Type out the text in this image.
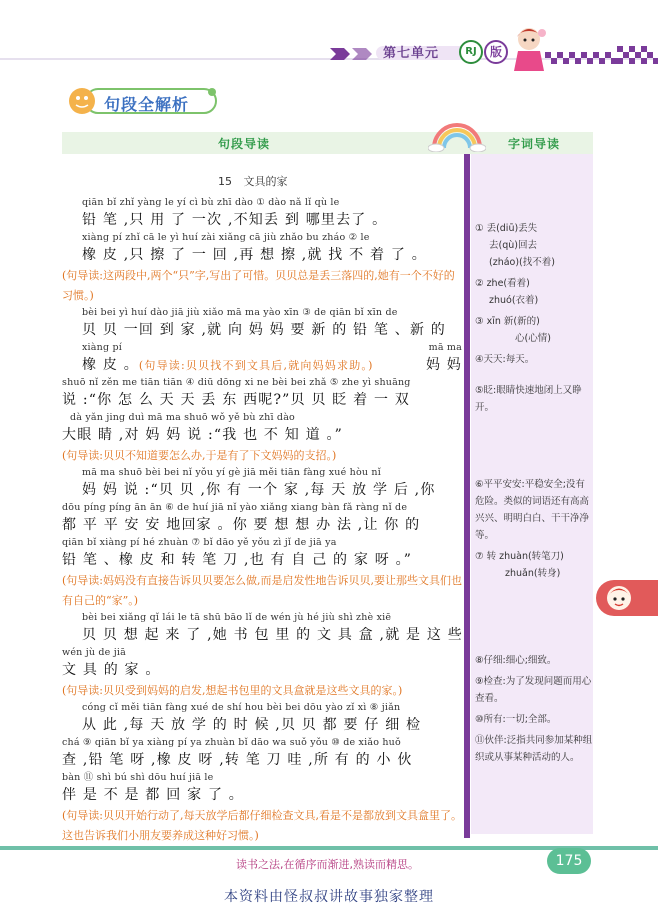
第七单元	RJ	版
句段全解析
句段导读	字词导读
15 文具的家
qiān bǐ zhǐ yàng le yí cì bù zhī dào ① dào nǎ lǐ qù le
铅 笔 ,只 用 了 一次 ,不知丢 到 哪里去了 。
xiàng pí zhǐ cā le yì huí zài xiǎng cā jiù zhǎo bu zháo ② le
橡 皮 ,只 擦 了 一 回 ,再 想 擦 ,就 找 不 着 了 。
(句导读:这两段中,两个“只”字,写出了可惜。贝贝总是丢三落四的,她有一个不好的习惯。)
bèi bei yì huí dào jiā jiù xiǎo mā ma yào xīn ③ de qiān bǐ xīn de
贝 贝 一回 到 家 ,就 向 妈 妈 要 新 的 铅 笔 、新 的
xiàng pí	mā ma
橡 皮 。(句导读:贝贝找不到文具后,就向妈妈求助。)	妈 妈
shuō nǐ zěn me tiān tiān ④ diū dōng xi ne bèi bei zhǎ ⑤ zhe yì shuāng
说 :“你 怎 么 天 天 丢 东 西呢?”贝 贝 眨 着 一 双
dà yǎn jing duì mā ma shuō wǒ yě bù zhī dào
大眼 睛 ,对 妈 妈 说 :“我 也 不 知 道 。”
(句导读:贝贝不知道要怎么办,于是有了下文妈妈的支招。)
mā ma shuō bèi bei nǐ yǒu yí gè jiā měi tiān fàng xué hòu nǐ
妈 妈 说 :“贝 贝 ,你 有 一个 家 ,每 天 放 学 后 ,你
dōu píng píng ān ān ⑥ de huí jiā nǐ yào xiǎng xiang bàn fǎ ràng nǐ de
都 平 平 安 安 地回家 。你 要 想 想 办 法 ,让 你 的
qiān bǐ xiàng pí hé zhuàn ⑦ bǐ dāo yě yǒu zì jǐ de jiā ya
铅 笔 、橡 皮 和 转 笔 刀 ,也 有 自 己 的 家 呀 。”
(句导读:妈妈没有直接告诉贝贝要怎么做,而是启发性地告诉贝贝,要让那些文具们也有自己的“家”。)
bèi bei xiǎng qǐ lái le tā shū bāo lǐ de wén jù hé jiù shì zhè xiē
贝 贝 想 起 来 了 ,她 书 包 里 的 文 具 盒 ,就 是 这 些
wén jù de jiā
文 具 的 家 。
(句导读:贝贝受到妈妈的启发,想起书包里的文具盒就是这些文具的家。)
cóng cǐ měi tiān fàng xué de shí hou bèi bei dōu yào zǐ xì ⑧ jiǎn
从 此 ,每 天 放 学 的 时 候 ,贝 贝 都 要 仔 细 检
chá ⑨ qiān bǐ ya xiàng pí ya zhuàn bǐ dāo wa suǒ yǒu ⑩ de xiǎo huǒ
查 ,铅 笔 呀 ,橡 皮 呀 ,转 笔 刀 哇 ,所 有 的 小 伙
bàn ⑪ shì bú shì dōu huí jiā le
伴 是 不 是 都 回 家 了 。
(句导读:贝贝开始行动了,每天放学后都仔细检查文具,看是不是都放到文具盒里了。这也告诉我们小朋友要养成这种好习惯。)
① 丢(diū)丢失
去(qù)回去
(zháo)(找不着)
② zhe(看着)
zhuó(衣着)
③ xīn 新(新的)
心(心情)
④天天:每天。
⑤眨:眼睛快速地闭上又睁开。
⑥平平安安:平稳安全;没有危险。类似的词语还有高高兴兴、明明白白、干干净净等。
⑦ 转 zhuàn(转笔刀)
zhuǎn(转身)
⑧仔细:细心;细致。
⑨检查:为了发现问题而用心查看。
⑩所有:一切;全部。
⑪伙伴:泛指共同参加某种组织或从事某种活动的人。
读书之法,在循序而渐进,熟读而精思。	175
本资料由怪叔叔讲故事独家整理
